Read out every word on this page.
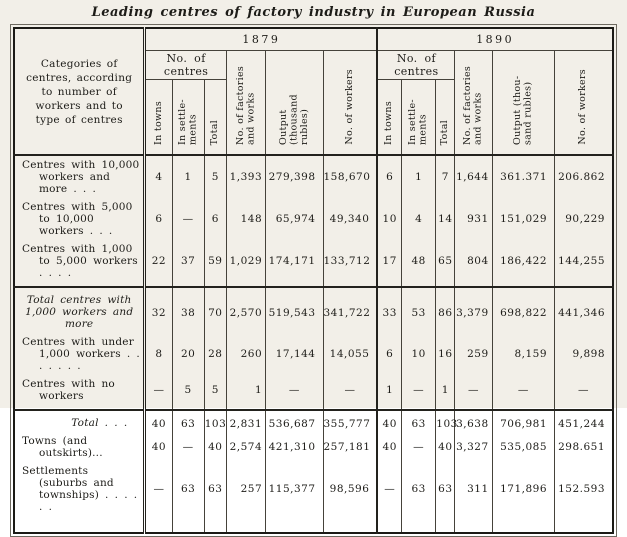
Leading centres of factory industry in European Russia
Categories of centres, according to number of workers and to type of centres	1879						1890					
	No. of centres			No. of factories and works	Output (thousand rubles)	No. of workers	No. of centres			No. of factories and works	Output (thou-sand rubles)	No. of workers
	In towns	In settle-ments	Total				In towns	In settle-ments	Total			
Centres with 10,000 workers and more . . .	4	1	5	1,393	279,398	158,670	6	1	7	1,644	361.371	206.862
Centres with 5,000 to 10,000 workers . . .	6	—	6	148	65,974	49,340	10	4	14	931	151,029	90,229
Centres with 1,000 to 5,000 workers . . . .	22	37	59	1,029	174,171	133,712	17	48	65	804	186,422	144,255
Total centres with 1,000 workers and more	32	38	70	2,570	519,543	341,722	33	53	86	3,379	698,822	441,346
Centres with under 1,000 workers . . . . . . .	8	20	28	260	17,144	14,055	6	10	16	259	8,159	9,898
Centres with no workers	—	5	5	1	—	—	1	—	1	—	—	—
Total . . .	40	63	103	2,831	536,687	355,777	40	63	103	3,638	706,981	451,244
Towns (and outskirts)...	40	—	40	2,574	421,310	257,181	40	—	40	3,327	535,085	298.651
Settlements (suburbs and townships) . . . . . .	—	63	63	257	115,377	98,596	—	63	63	311	171,896	152.593
